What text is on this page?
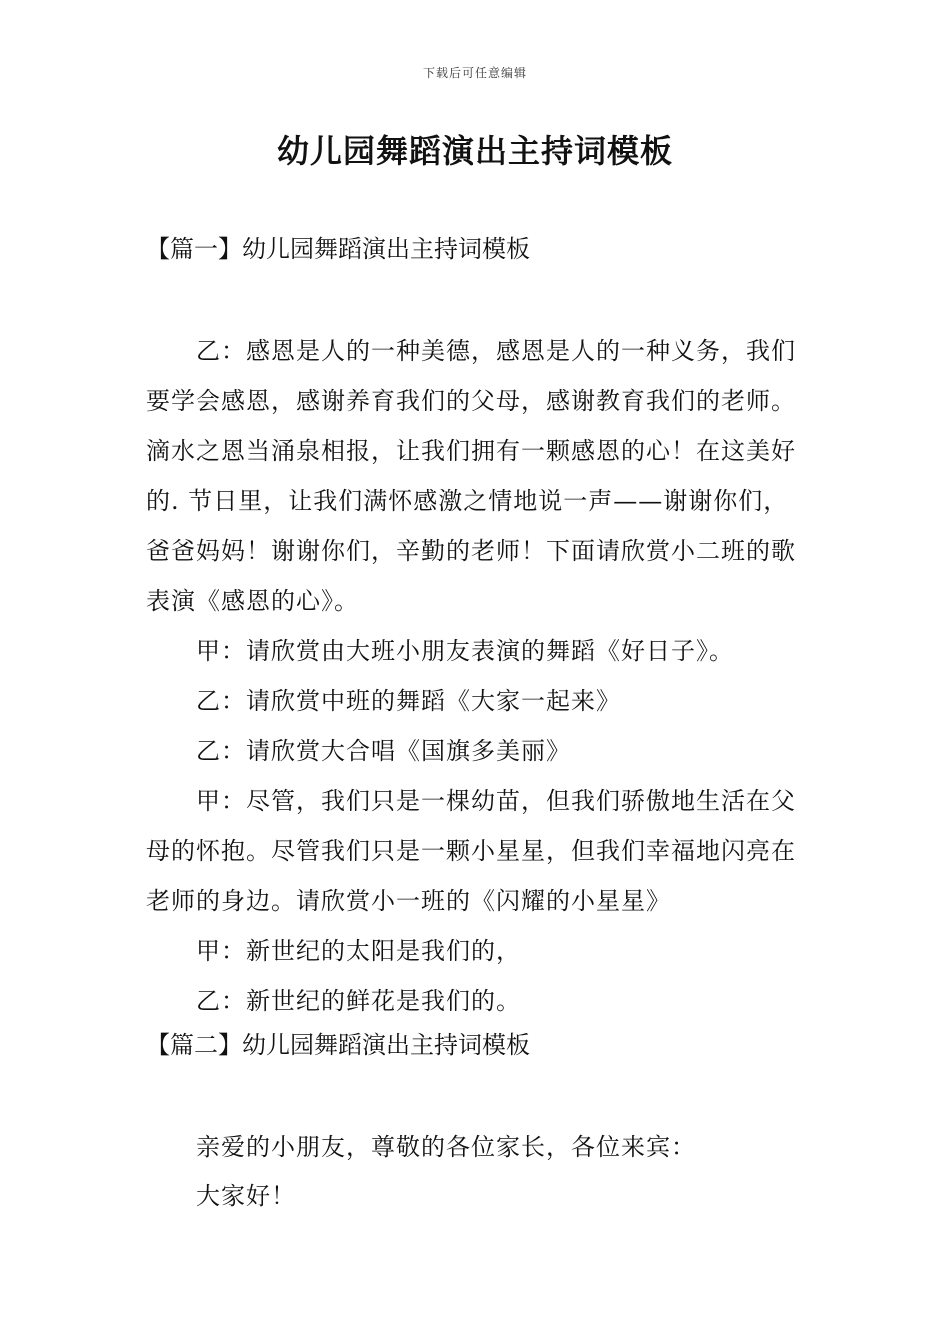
下载后可任意编辑
幼儿园舞蹈演出主持词模板
【篇一】幼儿园舞蹈演出主持词模板

乙：感恩是人的一种美德，感恩是人的一种义务，我们要学会感恩，感谢养育我们的父母，感谢教育我们的老师。滴水之恩当涌泉相报，让我们拥有一颗感恩的心！在这美好的. 节日里，让我们满怀感激之情地说一声——谢谢你们，爸爸妈妈！谢谢你们，辛勤的老师！下面请欣赏小二班的歌表演《感恩的心》。

甲：请欣赏由大班小朋友表演的舞蹈《好日子》。

乙：请欣赏中班的舞蹈《大家一起来》

乙：请欣赏大合唱《国旗多美丽》

甲：尽管，我们只是一棵幼苗，但我们骄傲地生活在父母的怀抱。尽管我们只是一颗小星星，但我们幸福地闪亮在老师的身边。请欣赏小一班的《闪耀的小星星》

甲：新世纪的太阳是我们的，

乙：新世纪的鲜花是我们的。

【篇二】幼儿园舞蹈演出主持词模板
亲爱的小朋友，尊敬的各位家长，各位来宾：
大家好！
